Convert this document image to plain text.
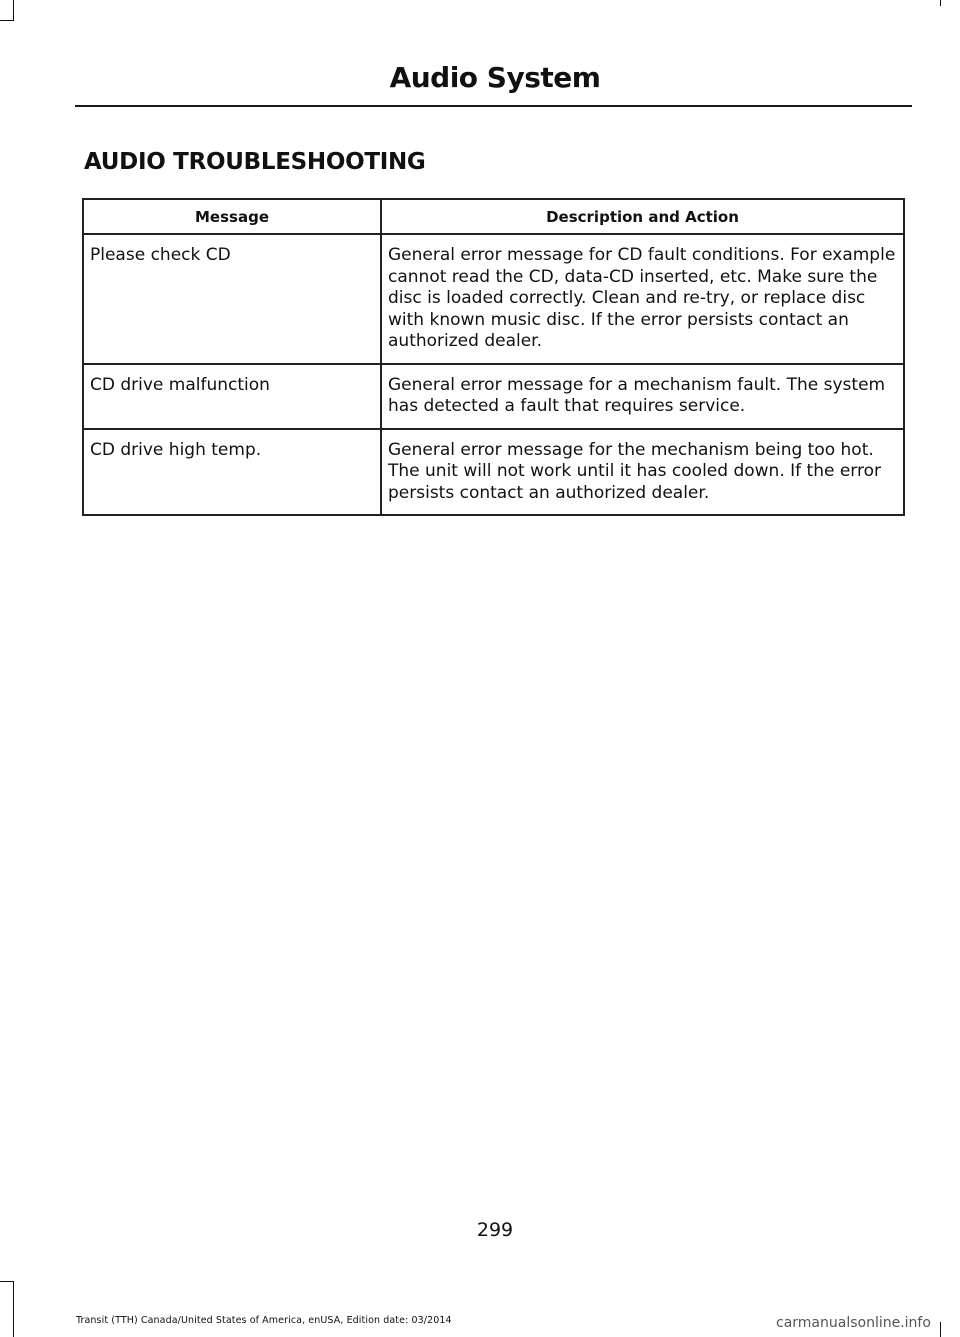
Audio System
AUDIO TROUBLESHOOTING
Message	Description and Action
Please check CD	General error message for CD fault conditions. For example cannot read the CD, data-CD inserted, etc. Make sure the disc is loaded correctly. Clean and re-try, or replace disc with known music disc. If the error persists contact an authorized dealer.
CD drive malfunction	General error message for a mechanism fault. The system has detected a fault that requires service.
CD drive high temp.	General error message for the mechanism being too hot. The unit will not work until it has cooled down. If the error persists contact an authorized dealer.
299
Transit (TTH) Canada/United States of America, enUSA, Edition date: 03/2014	carmanualsonline.info
